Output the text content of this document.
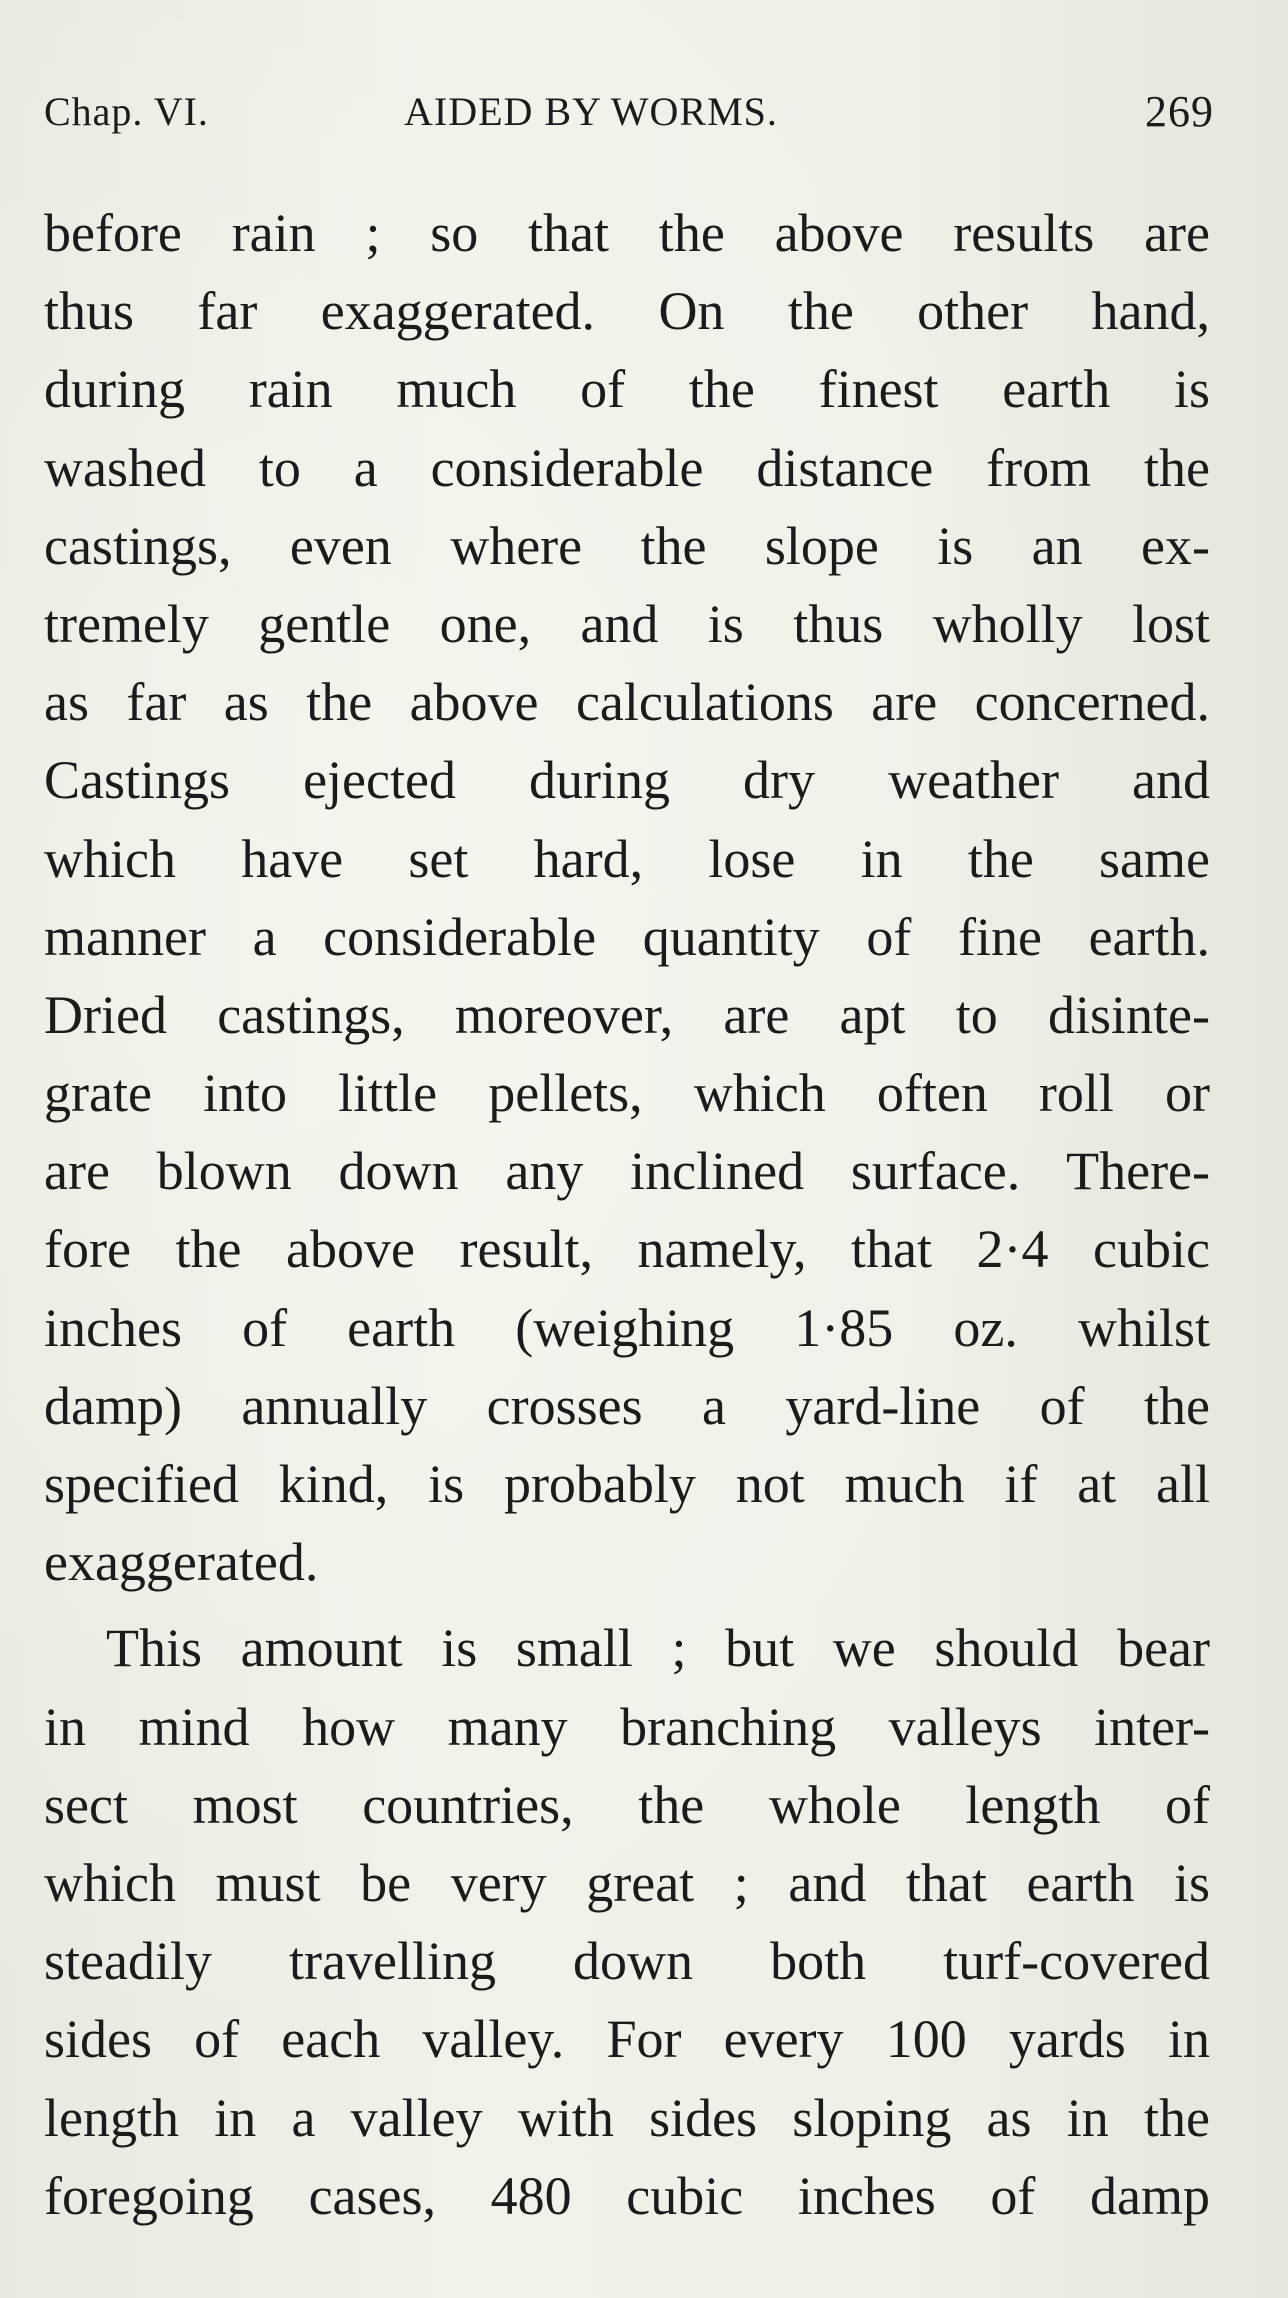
Chap. VI.	AIDED BY WORMS.	269
before rain ; so that the above results are
thus far exaggerated. On the other hand,
during rain much of the finest earth is
washed to a considerable distance from the
castings, even where the slope is an ex-
tremely gentle one, and is thus wholly lost
as far as the above calculations are concerned.
Castings ejected during dry weather and
which have set hard, lose in the same
manner a considerable quantity of fine earth.
Dried castings, moreover, are apt to disinte-
grate into little pellets, which often roll or
are blown down any inclined surface. There-
fore the above result, namely, that 2·4 cubic
inches of earth (weighing 1·85 oz. whilst
damp) annually crosses a yard-line of the
specified kind, is probably not much if at all
exaggerated.
This amount is small ; but we should bear
in mind how many branching valleys inter-
sect most countries, the whole length of
which must be very great ; and that earth is
steadily travelling down both turf-covered
sides of each valley. For every 100 yards in
length in a valley with sides sloping as in the
foregoing cases, 480 cubic inches of damp
